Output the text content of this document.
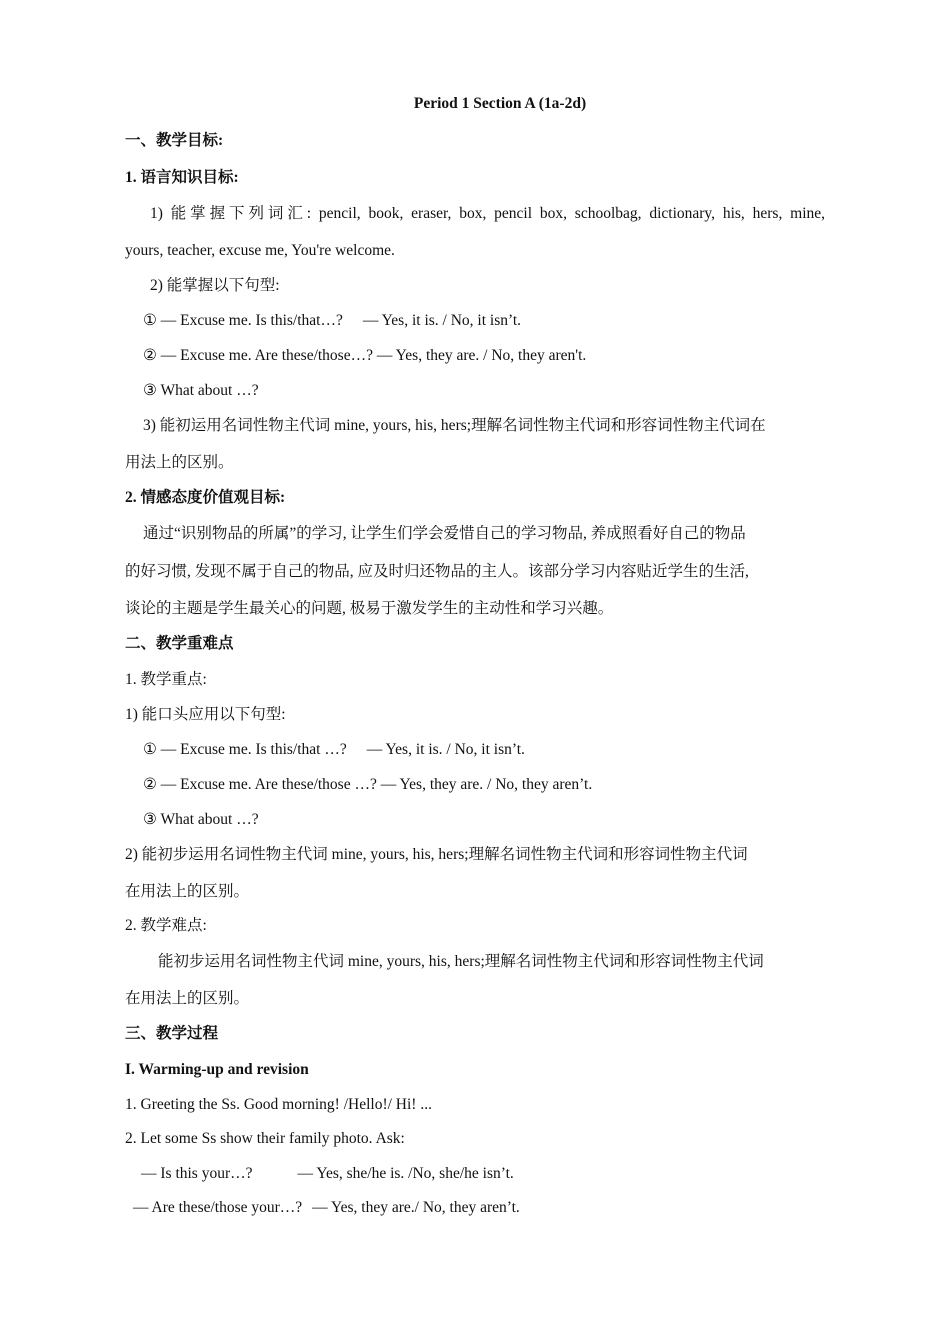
Period 1 Section A (1a-2d)
一、教学目标:
1. 语言知识目标:
1) 能掌握下列词汇: pencil, book, eraser, box, pencil box, schoolbag, dictionary, his, hers, mine,
yours, teacher, excuse me, You're welcome.
2) 能掌握以下句型:
① — Excuse me. Is this/that…? — Yes, it is. / No, it isn’t.
② — Excuse me. Are these/those…? — Yes, they are. / No, they aren't.
③ What about …?
3) 能初运用名词性物主代词 mine, yours, his, hers;理解名词性物主代词和形容词性物主代词在
用法上的区别。
2. 情感态度价值观目标:
通过“识别物品的所属”的学习, 让学生们学会爱惜自己的学习物品, 养成照看好自己的物品
的好习惯, 发现不属于自己的物品, 应及时归还物品的主人。该部分学习内容贴近学生的生活,
谈论的主题是学生最关心的问题, 极易于激发学生的主动性和学习兴趣。
二、教学重难点
1. 教学重点:
1) 能口头应用以下句型:
① — Excuse me. Is this/that …? — Yes, it is. / No, it isn’t.
② — Excuse me. Are these/those …? — Yes, they are. / No, they aren’t.
③ What about …?
2) 能初步运用名词性物主代词 mine, yours, his, hers;理解名词性物主代词和形容词性物主代词
在用法上的区别。
2. 教学难点:
能初步运用名词性物主代词 mine, yours, his, hers;理解名词性物主代词和形容词性物主代词
在用法上的区别。
三、教学过程
I. Warming-up and revision
1. Greeting the Ss. Good morning! /Hello!/ Hi! ...
2. Let some Ss show their family photo. Ask:
— Is this your…?	— Yes, she/he is. /No, she/he isn’t.
— Are these/those your…? — Yes, they are./ No, they aren’t.
